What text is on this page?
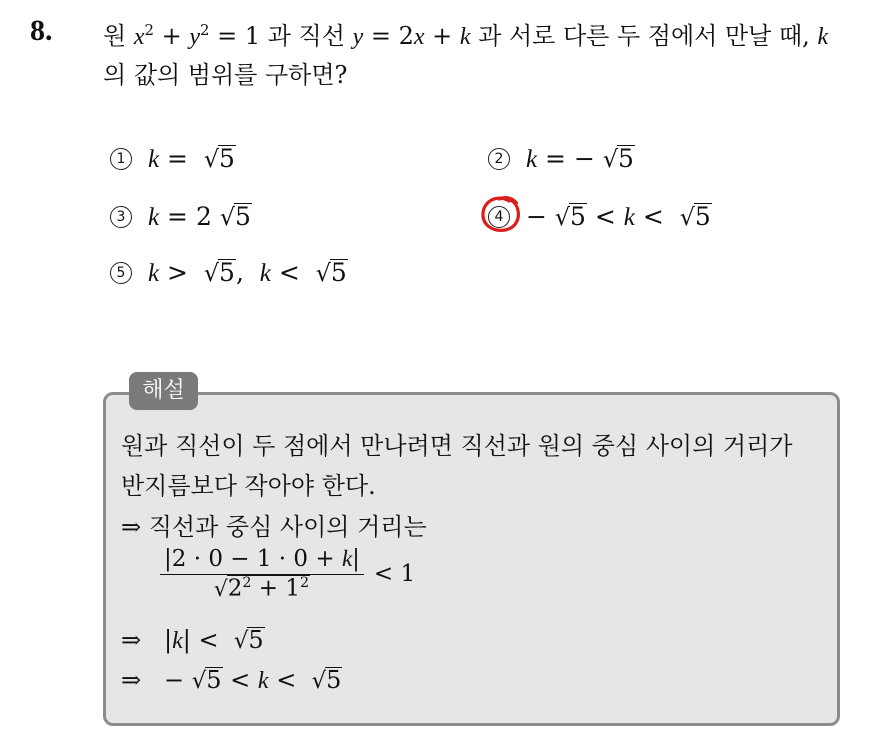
8. 원 $x^2 + y^2 = 1$ 과 직선 y = 2x + k 과 서로 다른 두 점에서 만날 때, k
의 값의 범위를 구하면?
1 k =  √5	2 k = − √5
3 k = 2 √5	4 − √5 < k <  √5
5 k >  √5,  k <  √5
해설
원과 직선이 두 점에서 만나려면 직선과 원의 중심 사이의 거리가
반지름보다 작아야 한다.
⇒ 직선과 중심 사이의 거리는
$\frac{|2 \cdot 0 - 1 \cdot 0 + k|}{√2^2 + 1^2} < 1$
⇒   |k| <  √5
⇒   − √5 < k <  √5
